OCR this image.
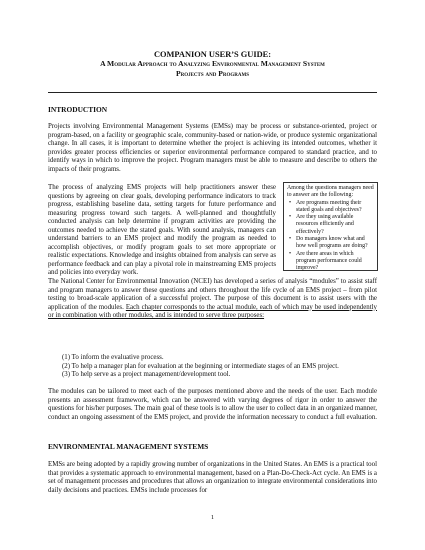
COMPANION USER’S GUIDE:
A Modular Approach to Analyzing Environmental Management System
Projects and Programs
INTRODUCTION

Projects involving Environmental Management Systems (EMSs) may be process or substance-oriented, project or program-based, on a facility or geographic scale, community-based or nation-wide, or produce systemic organizational change. In all cases, it is important to determine whether the project is achieving its intended outcomes, whether it provides greater process efficiencies or superior environmental performance compared to standard practice, and to identify ways in which to improve the project. Program managers must be able to measure and describe to others the impacts of their programs.

The process of analyzing EMS projects will help practitioners answer these questions by agreeing on clear goals, developing performance indicators to track progress, establishing baseline data, setting targets for future performance and measuring progress toward such targets. A well-planned and thoughtfully conducted analysis can help determine if program activities are providing the outcomes needed to achieve the stated goals. With sound analysis, managers can understand barriers to an EMS project and modify the program as needed to accomplish objectives, or modify program goals to set more appropriate or realistic expectations. Knowledge and insights obtained from analysis can serve as performance feedback and can play a pivotal role in mainstreaming EMS projects and policies into everyday work.

Among the questions managers need to answer are the following:
• Are programs meeting their stated goals and objectives?
• Are they using available resources efficiently and effectively?
• Do managers know what and how well programs are doing?
• Are there areas in which program performance could improve?

The National Center for Environmental Innovation (NCEI) has developed a series of analysis “modules” to assist staff and program managers to answer these questions and others throughout the life cycle of an EMS project – from pilot testing to broad-scale application of a successful project. The purpose of this document is to assist users with the application of the modules. Each chapter corresponds to the actual module, each of which may be used independently or in combination with other modules, and is intended to serve three purposes:

(1) To inform the evaluative process.
(2) To help a manager plan for evaluation at the beginning or intermediate stages of an EMS project.
(3) To help serve as a project management/development tool.

The modules can be tailored to meet each of the purposes mentioned above and the needs of the user. Each module presents an assessment framework, which can be answered with varying degrees of rigor in order to answer the questions for his/her purposes. The main goal of these tools is to allow the user to collect data in an organized manner, conduct an ongoing assessment of the EMS project, and provide the information necessary to conduct a full evaluation.

ENVIRONMENTAL MANAGEMENT SYSTEMS

EMSs are being adopted by a rapidly growing number of organizations in the United States. An EMS is a practical tool that provides a systematic approach to environmental management, based on a Plan-Do-Check-Act cycle. An EMS is a set of management processes and procedures that allows an organization to integrate environmental considerations into daily decisions and practices. EMSs include processes for

1
